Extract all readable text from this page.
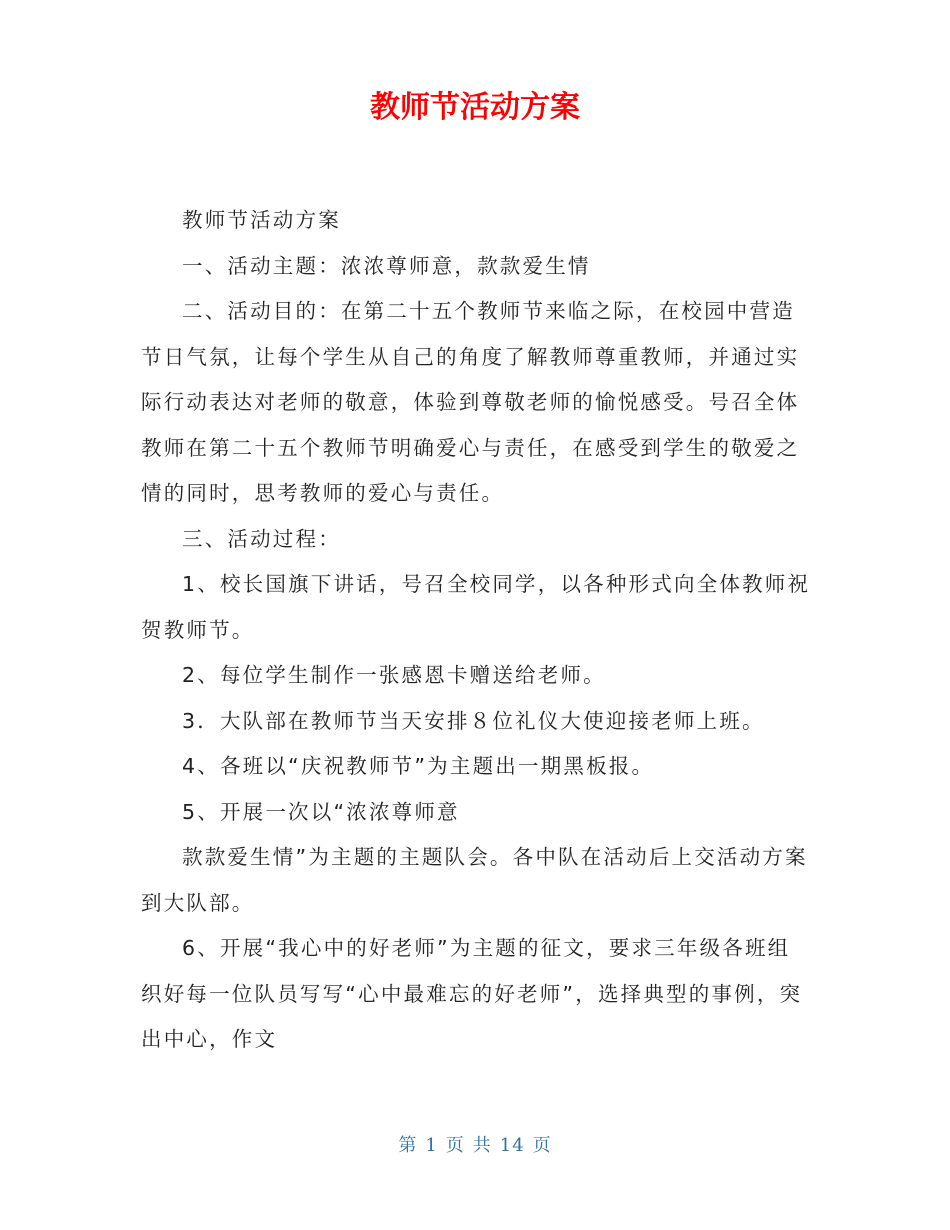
教师节活动方案

教师节活动方案

一、活动主题：浓浓尊师意，款款爱生情

二、活动目的：在第二十五个教师节来临之际，在校园中营造节日气氛，让每个学生从自己的角度了解教师尊重教师，并通过实际行动表达对老师的敬意，体验到尊敬老师的愉悦感受。号召全体教师在第二十五个教师节明确爱心与责任，在感受到学生的敬爱之情的同时，思考教师的爱心与责任。

三、活动过程：

1、校长国旗下讲话，号召全校同学，以各种形式向全体教师祝贺教师节。

2、每位学生制作一张感恩卡赠送给老师。

3．大队部在教师节当天安排８位礼仪大使迎接老师上班。

4、各班以“庆祝教师节”为主题出一期黑板报。

5、开展一次以“浓浓尊师意

款款爱生情”为主题的主题队会。各中队在活动后上交活动方案到大队部。

6、开展“我心中的好老师”为主题的征文，要求三年级各班组织好每一位队员写写“心中最难忘的好老师”，选择典型的事例，突出中心，作文

第 1 页 共 14 页
